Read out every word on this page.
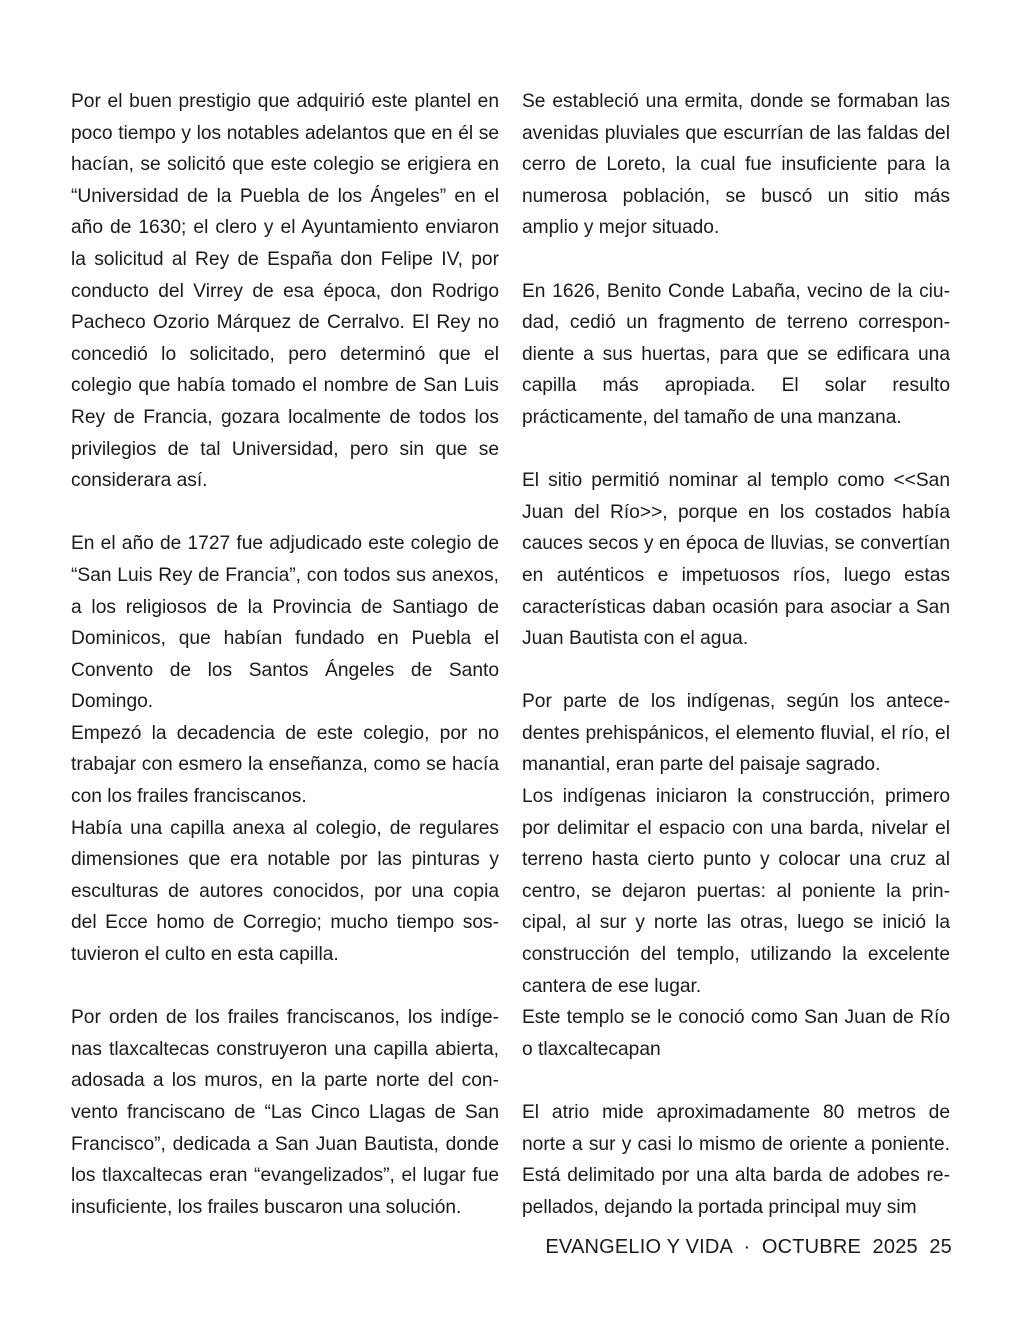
Por el buen prestigio que adquirió este plantel en poco tiempo y los notables adelantos que en él se hacían, se solicitó que este colegio se erigiera en “Universidad de la Puebla de los Ángeles” en el año de 1630; el clero y el Ayuntamiento enviaron la solicitud al Rey de España don Felipe IV, por conducto del Virrey de esa época, don Rodrigo Pacheco Ozorio Márquez de Cerralvo. El Rey no concedió lo solicitado, pero determinó que el colegio que había tomado el nombre de San Luis Rey de Francia, gozara localmente de todos los privilegios de tal Universidad, pero sin que se considerara así.

En el año de 1727 fue adjudicado este colegio de “San Luis Rey de Francia”, con todos sus anexos, a los religiosos de la Provincia de Santiago de Dominicos, que habían fundado en Puebla el Convento de los Santos Ángeles de Santo Domingo.

Empezó la decadencia de este colegio, por no trabajar con esmero la enseñanza, como se hacía con los frailes franciscanos.

Había una capilla anexa al colegio, de regulares dimensiones que era notable por las pinturas y esculturas de autores conocidos, por una copia del Ecce homo de Corregio; mucho tiempo sostuvieron el culto en esta capilla.

Por orden de los frailes franciscanos, los indígenas tlaxcaltecas construyeron una capilla abierta, adosada a los muros, en la parte norte del convento franciscano de “Las Cinco Llagas de San Francisco”, dedicada a San Juan Bautista, donde los tlaxcaltecas eran “evangelizados”, el lugar fue insuficiente, los frailes buscaron una solución.

Se estableció una ermita, donde se formaban las avenidas pluviales que escurrían de las faldas del cerro de Loreto, la cual fue insuficiente para la numerosa población, se buscó un sitio más amplio y mejor situado.

En 1626, Benito Conde Labaña, vecino de la ciudad, cedió un fragmento de terreno correspondiente a sus huertas, para que se edificara una capilla más apropiada. El solar resulto prácticamente, del tamaño de una manzana.

El sitio permitió nominar al templo como <<San Juan del Río>>, porque en los costados había cauces secos y en época de lluvias, se convertían en auténticos e impetuosos ríos, luego estas características daban ocasión para asociar a San Juan Bautista con el agua.

Por parte de los indígenas, según los antecedentes prehispánicos, el elemento fluvial, el río, el manantial, eran parte del paisaje sagrado.

Los indígenas iniciaron la construcción, primero por delimitar el espacio con una barda, nivelar el terreno hasta cierto punto y colocar una cruz al centro, se dejaron puertas: al poniente la principal, al sur y norte las otras, luego se inició la construcción del templo, utilizando la excelente cantera de ese lugar.

Este templo se le conoció como San Juan de Río o tlaxcaltecapan

El atrio mide aproximadamente 80 metros de norte a sur y casi lo mismo de oriente a poniente. Está delimitado por una alta barda de adobes repellados, dejando la portada principal muy sim

EVANGELIO Y VIDA  ·  OCTUBRE  2025  25
